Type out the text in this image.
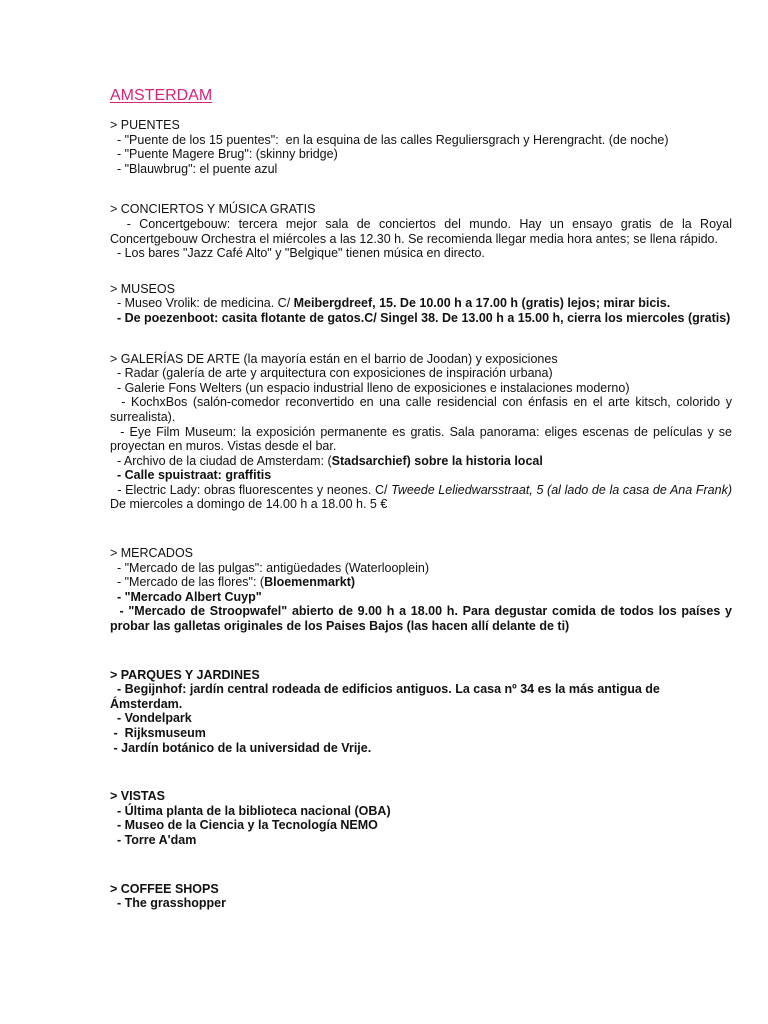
AMSTERDAM
> PUENTES
- "Puente de los 15 puentes":  en la esquina de las calles Reguliersgrach y Herengracht. (de noche)
- "Puente Magere Brug": (skinny bridge)
- "Blauwbrug": el puente azul
> CONCIERTOS Y MÚSICA GRATIS
- Concertgebouw: tercera mejor sala de conciertos del mundo. Hay un ensayo gratis de la Royal Concertgebouw Orchestra el miércoles a las 12.30 h. Se recomienda llegar media hora antes; se llena rápido.
- Los bares "Jazz Café Alto" y "Belgique" tienen música en directo.
> MUSEOS
- Museo Vrolik: de medicina. C/ Meibergdreef, 15. De 10.00 h a 17.00 h (gratis) lejos; mirar bicis.
- De poezenboot: casita flotante de gatos.C/ Singel 38. De 13.00 h a 15.00 h, cierra los miercoles (gratis)
> GALERÍAS DE ARTE (la mayoría están en el barrio de Joodan) y exposiciones
- Radar (galería de arte y arquitectura con exposiciones de inspiración urbana)
- Galerie Fons Welters (un espacio industrial lleno de exposiciones e instalaciones moderno)
- KochxBos (salón-comedor reconvertido en una calle residencial con énfasis en el arte kitsch, colorido y surrealista).
- Eye Film Museum: la exposición permanente es gratis. Sala panorama: eliges escenas de películas y se proyectan en muros. Vistas desde el bar.
- Archivo de la ciudad de Amsterdam: (Stadsarchief) sobre la historia local
- Calle spuistraat: graffitis
- Electric Lady: obras fluorescentes y neones. C/ Tweede Leliedwarsstraat, 5 (al lado de la casa de Ana Frank) De miercoles a domingo de 14.00 h a 18.00 h. 5 €
> MERCADOS
- "Mercado de las pulgas": antigüedades (Waterlooplein)
- "Mercado de las flores": (Bloemenmarkt)
- "Mercado Albert Cuyp"
- "Mercado de Stroopwafel" abierto de 9.00 h a 18.00 h. Para degustar comida de todos los países y probar las galletas originales de los Paises Bajos (las hacen allí delante de ti)
> PARQUES Y JARDINES
- Begijnhof: jardín central rodeada de edificios antiguos. La casa nº 34 es la más antigua de Ámsterdam.
- Vondelpark
-  Rijksmuseum
- Jardín botánico de la universidad de Vrije.
> VISTAS
- Última planta de la biblioteca nacional (OBA)
- Museo de la Ciencia y la Tecnología NEMO
- Torre A'dam
> COFFEE SHOPS
- The grasshopper
